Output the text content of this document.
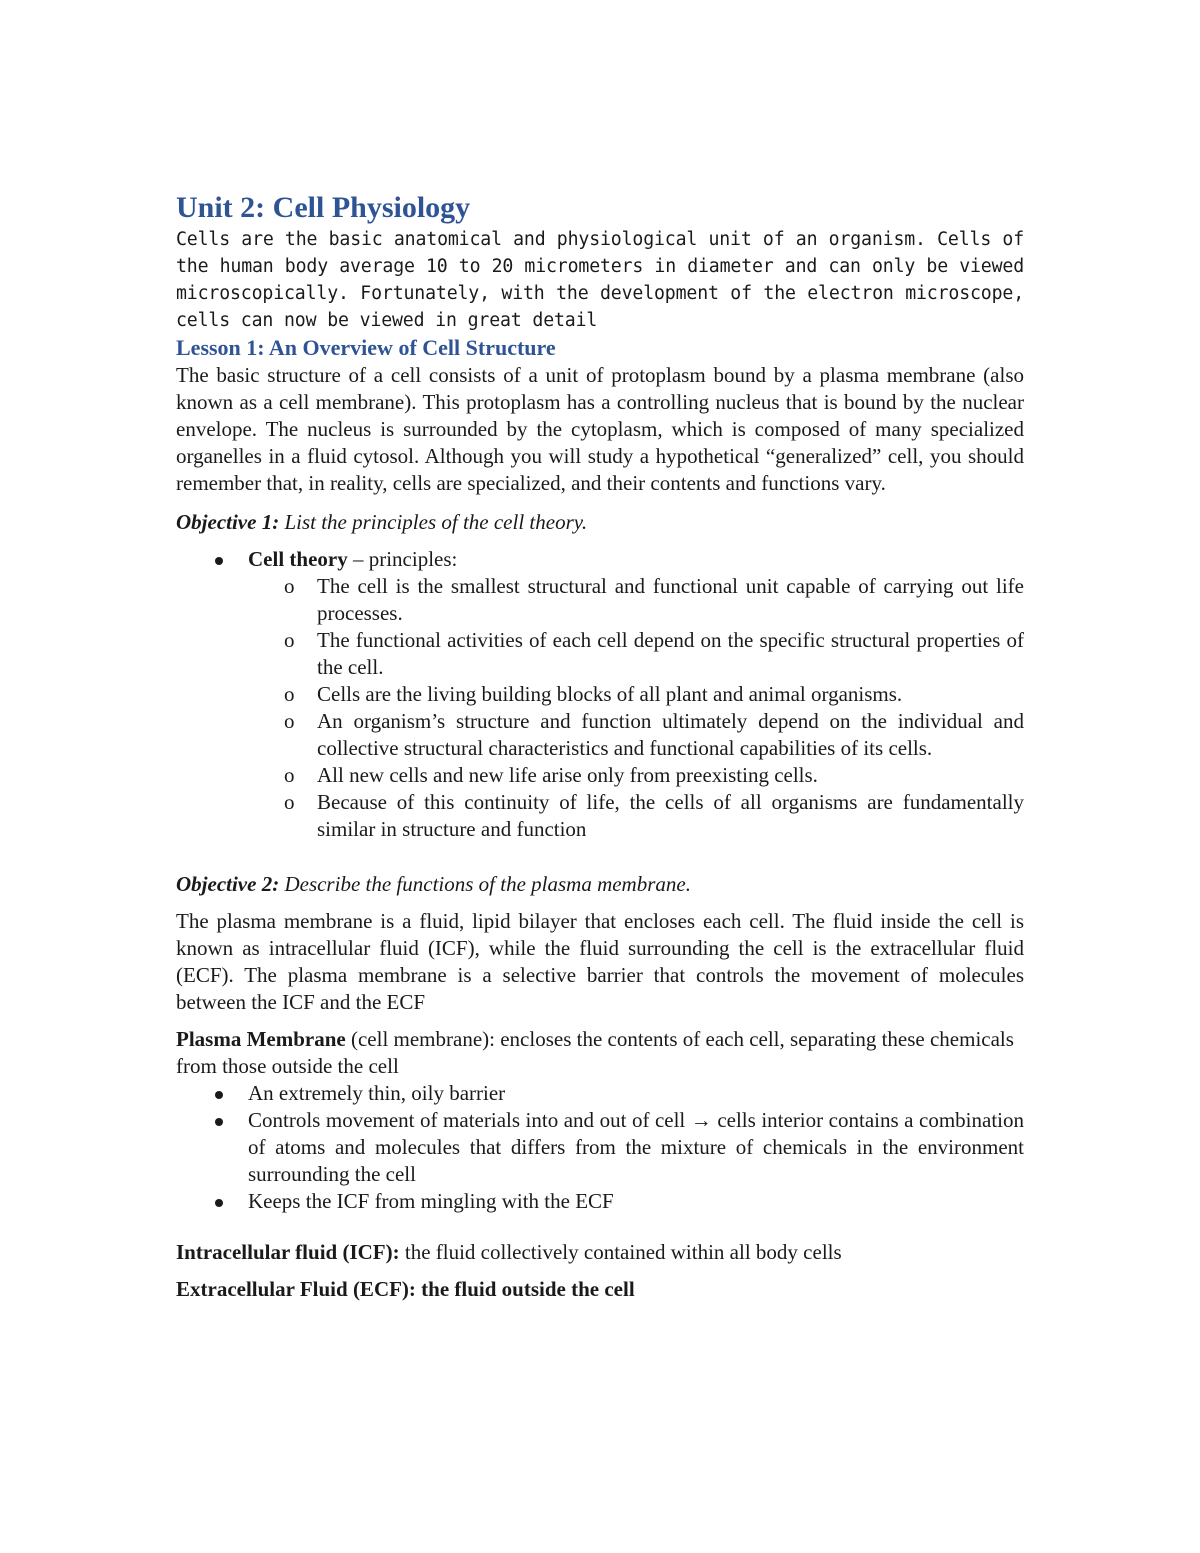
Unit 2: Cell Physiology

Cells are the basic anatomical and physiological unit of an organism. Cells of the human body average 10 to 20 micrometers in diameter and can only be viewed microscopically. Fortunately, with the development of the electron microscope, cells can now be viewed in great detail

Lesson 1: An Overview of Cell Structure

The basic structure of a cell consists of a unit of protoplasm bound by a plasma membrane (also known as a cell membrane). This protoplasm has a controlling nucleus that is bound by the nuclear envelope. The nucleus is surrounded by the cytoplasm, which is composed of many specialized organelles in a fluid cytosol. Although you will study a hypothetical “generalized” cell, you should remember that, in reality, cells are specialized, and their contents and functions vary.

Objective 1: List the principles of the cell theory.

Cell theory – principles:
o The cell is the smallest structural and functional unit capable of carrying out life processes.
o The functional activities of each cell depend on the specific structural properties of the cell.
o Cells are the living building blocks of all plant and animal organisms.
o An organism’s structure and function ultimately depend on the individual and collective structural characteristics and functional capabilities of its cells.
o All new cells and new life arise only from preexisting cells.
o Because of this continuity of life, the cells of all organisms are fundamentally similar in structure and function

Objective 2: Describe the functions of the plasma membrane.

The plasma membrane is a fluid, lipid bilayer that encloses each cell. The fluid inside the cell is known as intracellular fluid (ICF), while the fluid surrounding the cell is the extracellular fluid (ECF). The plasma membrane is a selective barrier that controls the movement of molecules between the ICF and the ECF

Plasma Membrane (cell membrane): encloses the contents of each cell, separating these chemicals from those outside the cell

An extremely thin, oily barrier
Controls movement of materials into and out of cell → cells interior contains a combination of atoms and molecules that differs from the mixture of chemicals in the environment surrounding the cell
Keeps the ICF from mingling with the ECF

Intracellular fluid (ICF): the fluid collectively contained within all body cells

Extracellular Fluid (ECF): the fluid outside the cell
